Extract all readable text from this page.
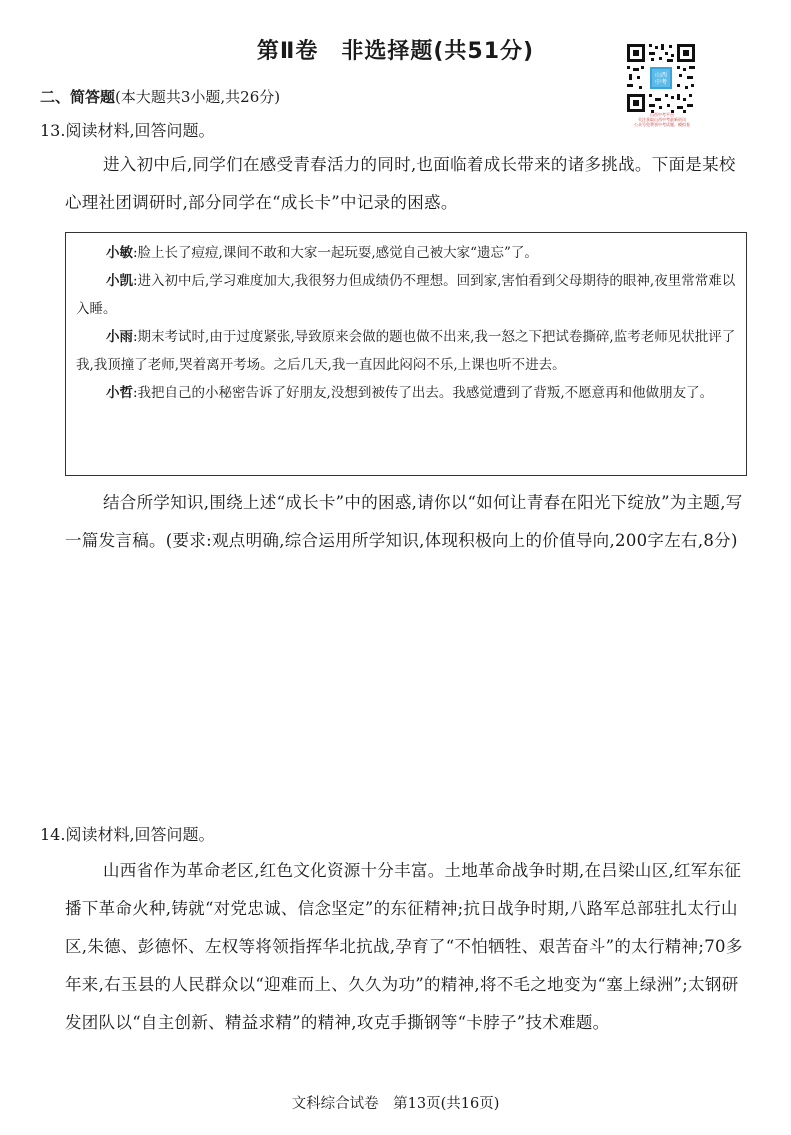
第Ⅱ卷　非选择题(共51分)
山西
中考
山西中考平台
关注获取山西中考最新资讯
公众号免费领中考试题、模拟卷
二、简答题(本大题共3小题,共26分)
13.阅读材料,回答问题。
进入初中后,同学们在感受青春活力的同时,也面临着成长带来的诸多挑战。下面是某校心理社团调研时,部分同学在“成长卡”中记录的困惑。

小敏:脸上长了痘痘,课间不敢和大家一起玩耍,感觉自己被大家“遗忘”了。

小凯:进入初中后,学习难度加大,我很努力但成绩仍不理想。回到家,害怕看到父母期待的眼神,夜里常常难以入睡。

小雨:期末考试时,由于过度紧张,导致原来会做的题也做不出来,我一怒之下把试卷撕碎,监考老师见状批评了我,我顶撞了老师,哭着离开考场。之后几天,我一直因此闷闷不乐,上课也听不进去。

小哲:我把自己的小秘密告诉了好朋友,没想到被传了出去。我感觉遭到了背叛,不愿意再和他做朋友了。

结合所学知识,围绕上述“成长卡”中的困惑,请你以“如何让青春在阳光下绽放”为主题,写一篇发言稿。(要求:观点明确,综合运用所学知识,体现积极向上的价值导向,200字左右,8分)
14.阅读材料,回答问题。
山西省作为革命老区,红色文化资源十分丰富。土地革命战争时期,在吕梁山区,红军东征播下革命火种,铸就“对党忠诚、信念坚定”的东征精神;抗日战争时期,八路军总部驻扎太行山区,朱德、彭德怀、左权等将领指挥华北抗战,孕育了“不怕牺牲、艰苦奋斗”的太行精神;70多年来,右玉县的人民群众以“迎难而上、久久为功”的精神,将不毛之地变为“塞上绿洲”;太钢研发团队以“自主创新、精益求精”的精神,攻克手撕钢等“卡脖子”技术难题。
文科综合试卷　第13页(共16页)
